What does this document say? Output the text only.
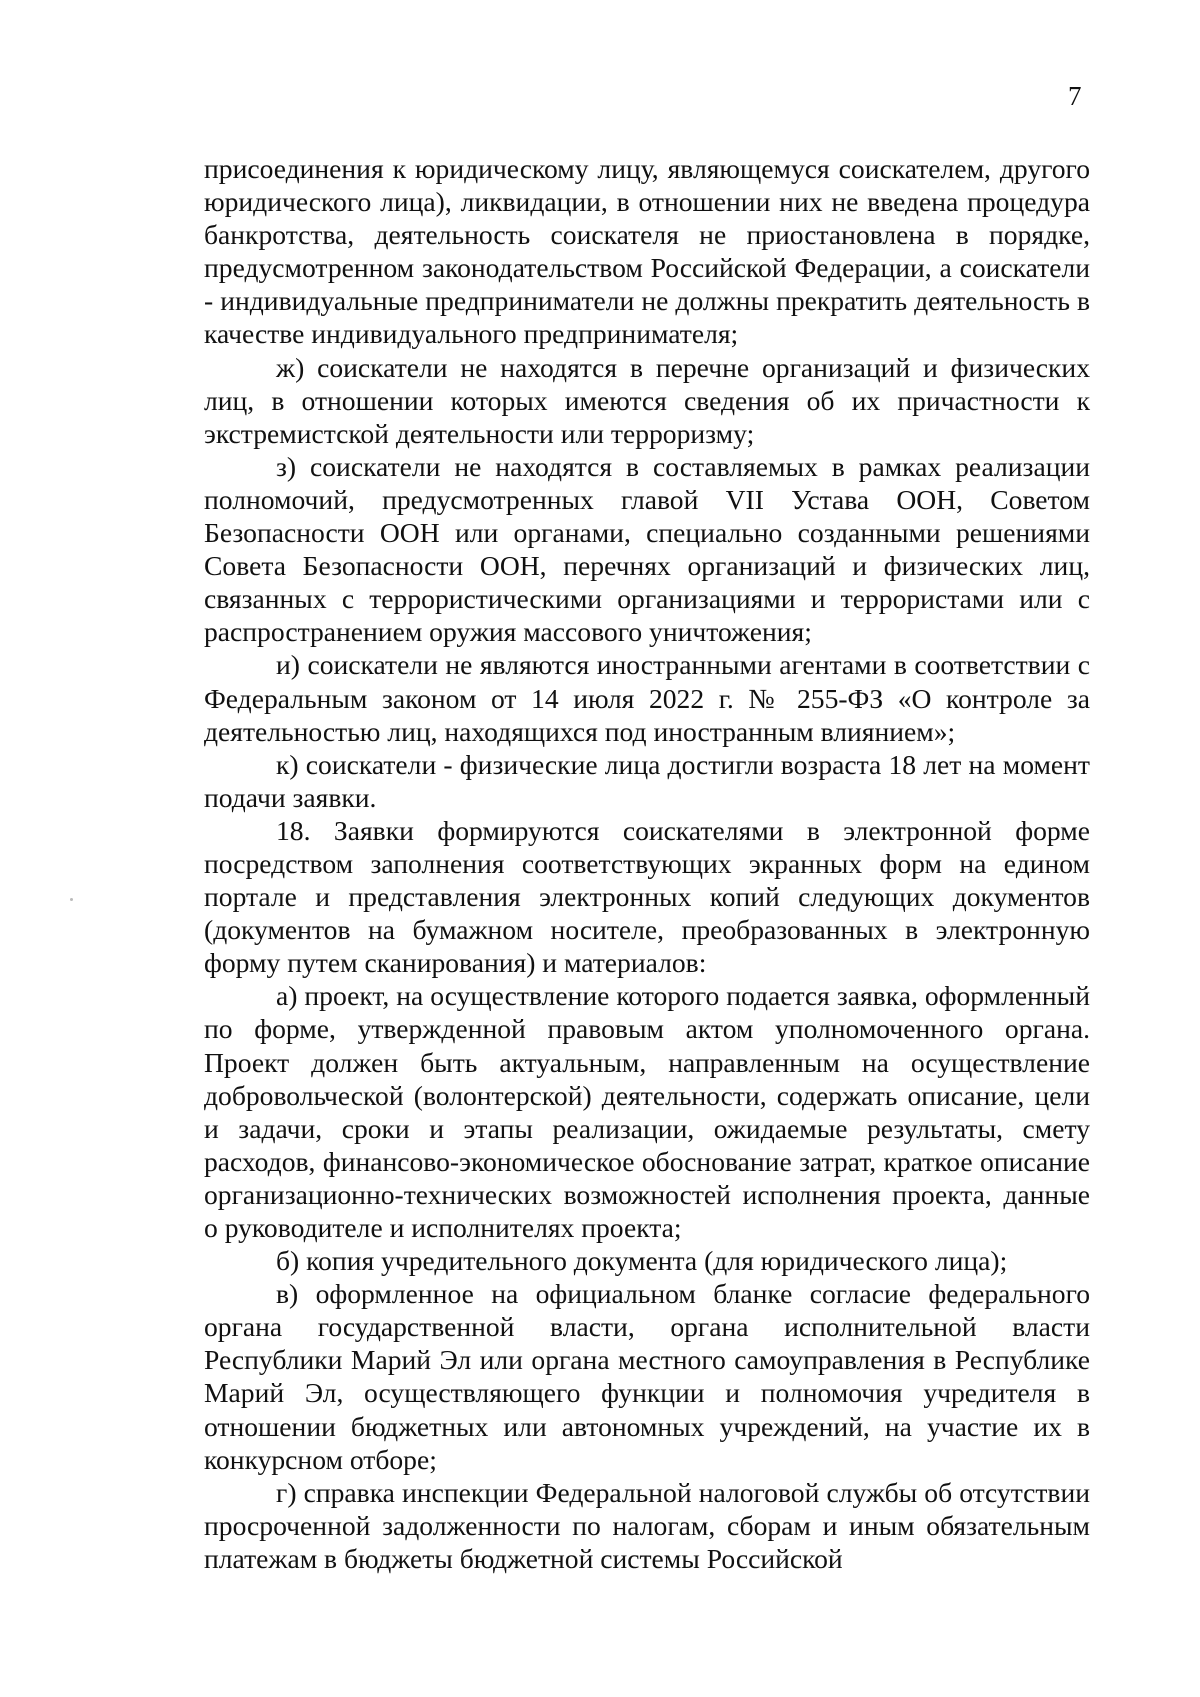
7

присоединения к юридическому лицу, являющемуся соискателем, другого юридического лица), ликвидации, в отношении них не введена процедура банкротства, деятельность соискателя не приостановлена в порядке, предусмотренном законодательством Российской Федерации, а соискатели - индивидуальные предприниматели не должны прекратить деятельность в качестве индивидуального предпринимателя;

ж) соискатели не находятся в перечне организаций и физических лиц, в отношении которых имеются сведения об их причастности к экстремистской деятельности или терроризму;

з) соискатели не находятся в составляемых в рамках реализации полномочий, предусмотренных главой VII Устава ООН, Советом Безопасности ООН или органами, специально созданными решениями Совета Безопасности ООН, перечнях организаций и физических лиц, связанных с террористическими организациями и террористами или с распространением оружия массового уничтожения;

и) соискатели не являются иностранными агентами в соответствии с Федеральным законом от 14 июля 2022 г. № 255-ФЗ «О контроле за деятельностью лиц, находящихся под иностранным влиянием»;

к) соискатели - физические лица достигли возраста 18 лет на момент подачи заявки.

18. Заявки формируются соискателями в электронной форме посредством заполнения соответствующих экранных форм на едином портале и представления электронных копий следующих документов (документов на бумажном носителе, преобразованных в электронную форму путем сканирования) и материалов:

а) проект, на осуществление которого подается заявка, оформленный по форме, утвержденной правовым актом уполномоченного органа. Проект должен быть актуальным, направленным на осуществление добровольческой (волонтерской) деятельности, содержать описание, цели и задачи, сроки и этапы реализации, ожидаемые результаты, смету расходов, финансово-экономическое обоснование затрат, краткое описание организационно-технических возможностей исполнения проекта, данные о руководителе и исполнителях проекта;

б) копия учредительного документа (для юридического лица);

в) оформленное на официальном бланке согласие федерального органа государственной власти, органа исполнительной власти Республики Марий Эл или органа местного самоуправления в Республике Марий Эл, осуществляющего функции и полномочия учредителя в отношении бюджетных или автономных учреждений, на участие их в конкурсном отборе;

г) справка инспекции Федеральной налоговой службы об отсутствии просроченной задолженности по налогам, сборам и иным обязательным платежам в бюджеты бюджетной системы Российской
